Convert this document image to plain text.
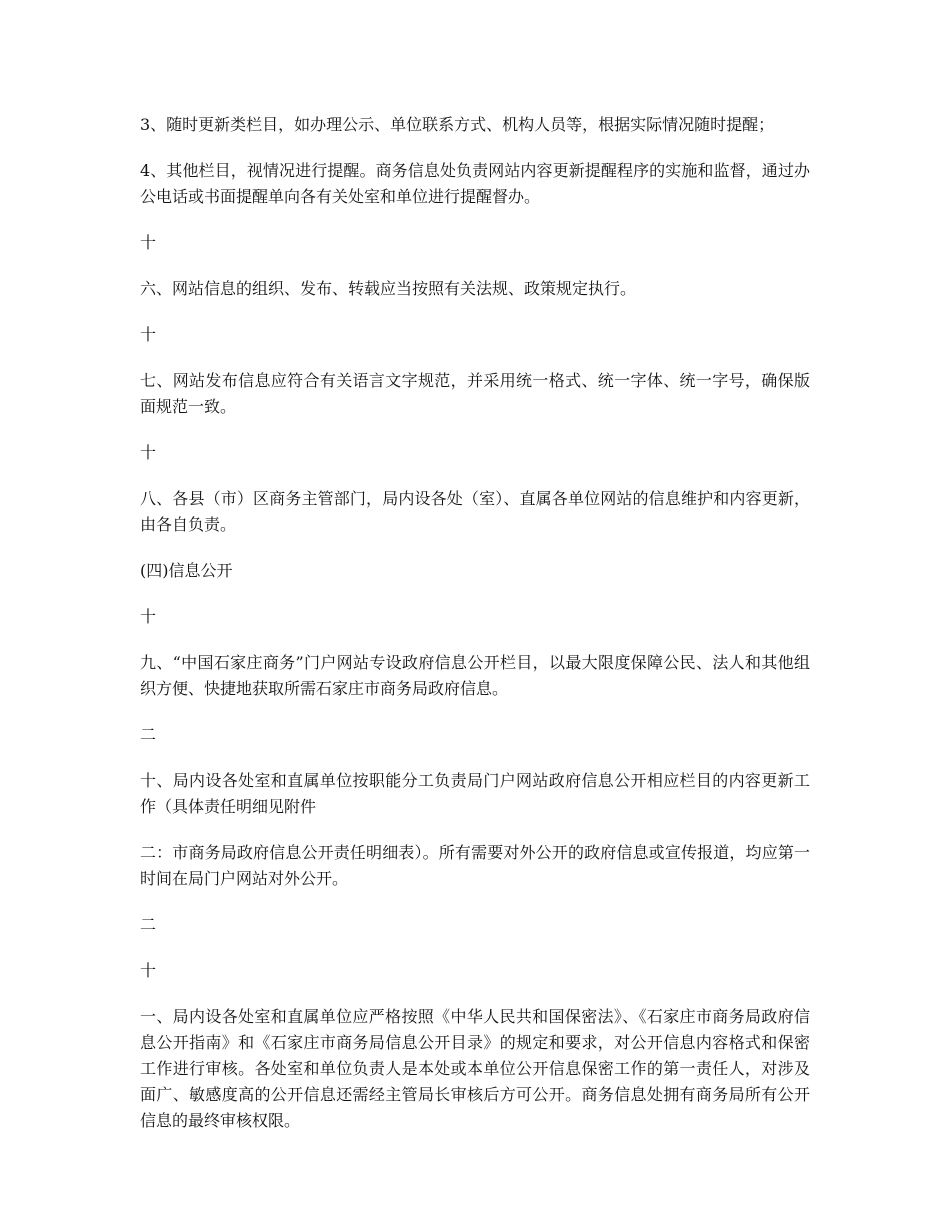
3、随时更新类栏目，如办理公示、单位联系方式、机构人员等，根据实际情况随时提醒；

4、其他栏目，视情况进行提醒。商务信息处负责网站内容更新提醒程序的实施和监督，通过办公电话或书面提醒单向各有关处室和单位进行提醒督办。

十

六、网站信息的组织、发布、转载应当按照有关法规、政策规定执行。

十

七、网站发布信息应符合有关语言文字规范，并采用统一格式、统一字体、统一字号，确保版面规范一致。

十

八、各县（市）区商务主管部门，局内设各处（室）、直属各单位网站的信息维护和内容更新，由各自负责。

(四)信息公开

十

九、“中国石家庄商务”门户网站专设政府信息公开栏目，以最大限度保障公民、法人和其他组织方便、快捷地获取所需石家庄市商务局政府信息。

二

十、局内设各处室和直属单位按职能分工负责局门户网站政府信息公开相应栏目的内容更新工作（具体责任明细见附件

二：市商务局政府信息公开责任明细表）。所有需要对外公开的政府信息或宣传报道，均应第一时间在局门户网站对外公开。

二

十

一、局内设各处室和直属单位应严格按照《中华人民共和国保密法》、《石家庄市商务局政府信息公开指南》和《石家庄市商务局信息公开目录》的规定和要求，对公开信息内容格式和保密工作进行审核。各处室和单位负责人是本处或本单位公开信息保密工作的第一责任人，对涉及面广、敏感度高的公开信息还需经主管局长审核后方可公开。商务信息处拥有商务局所有公开信息的最终审核权限。
